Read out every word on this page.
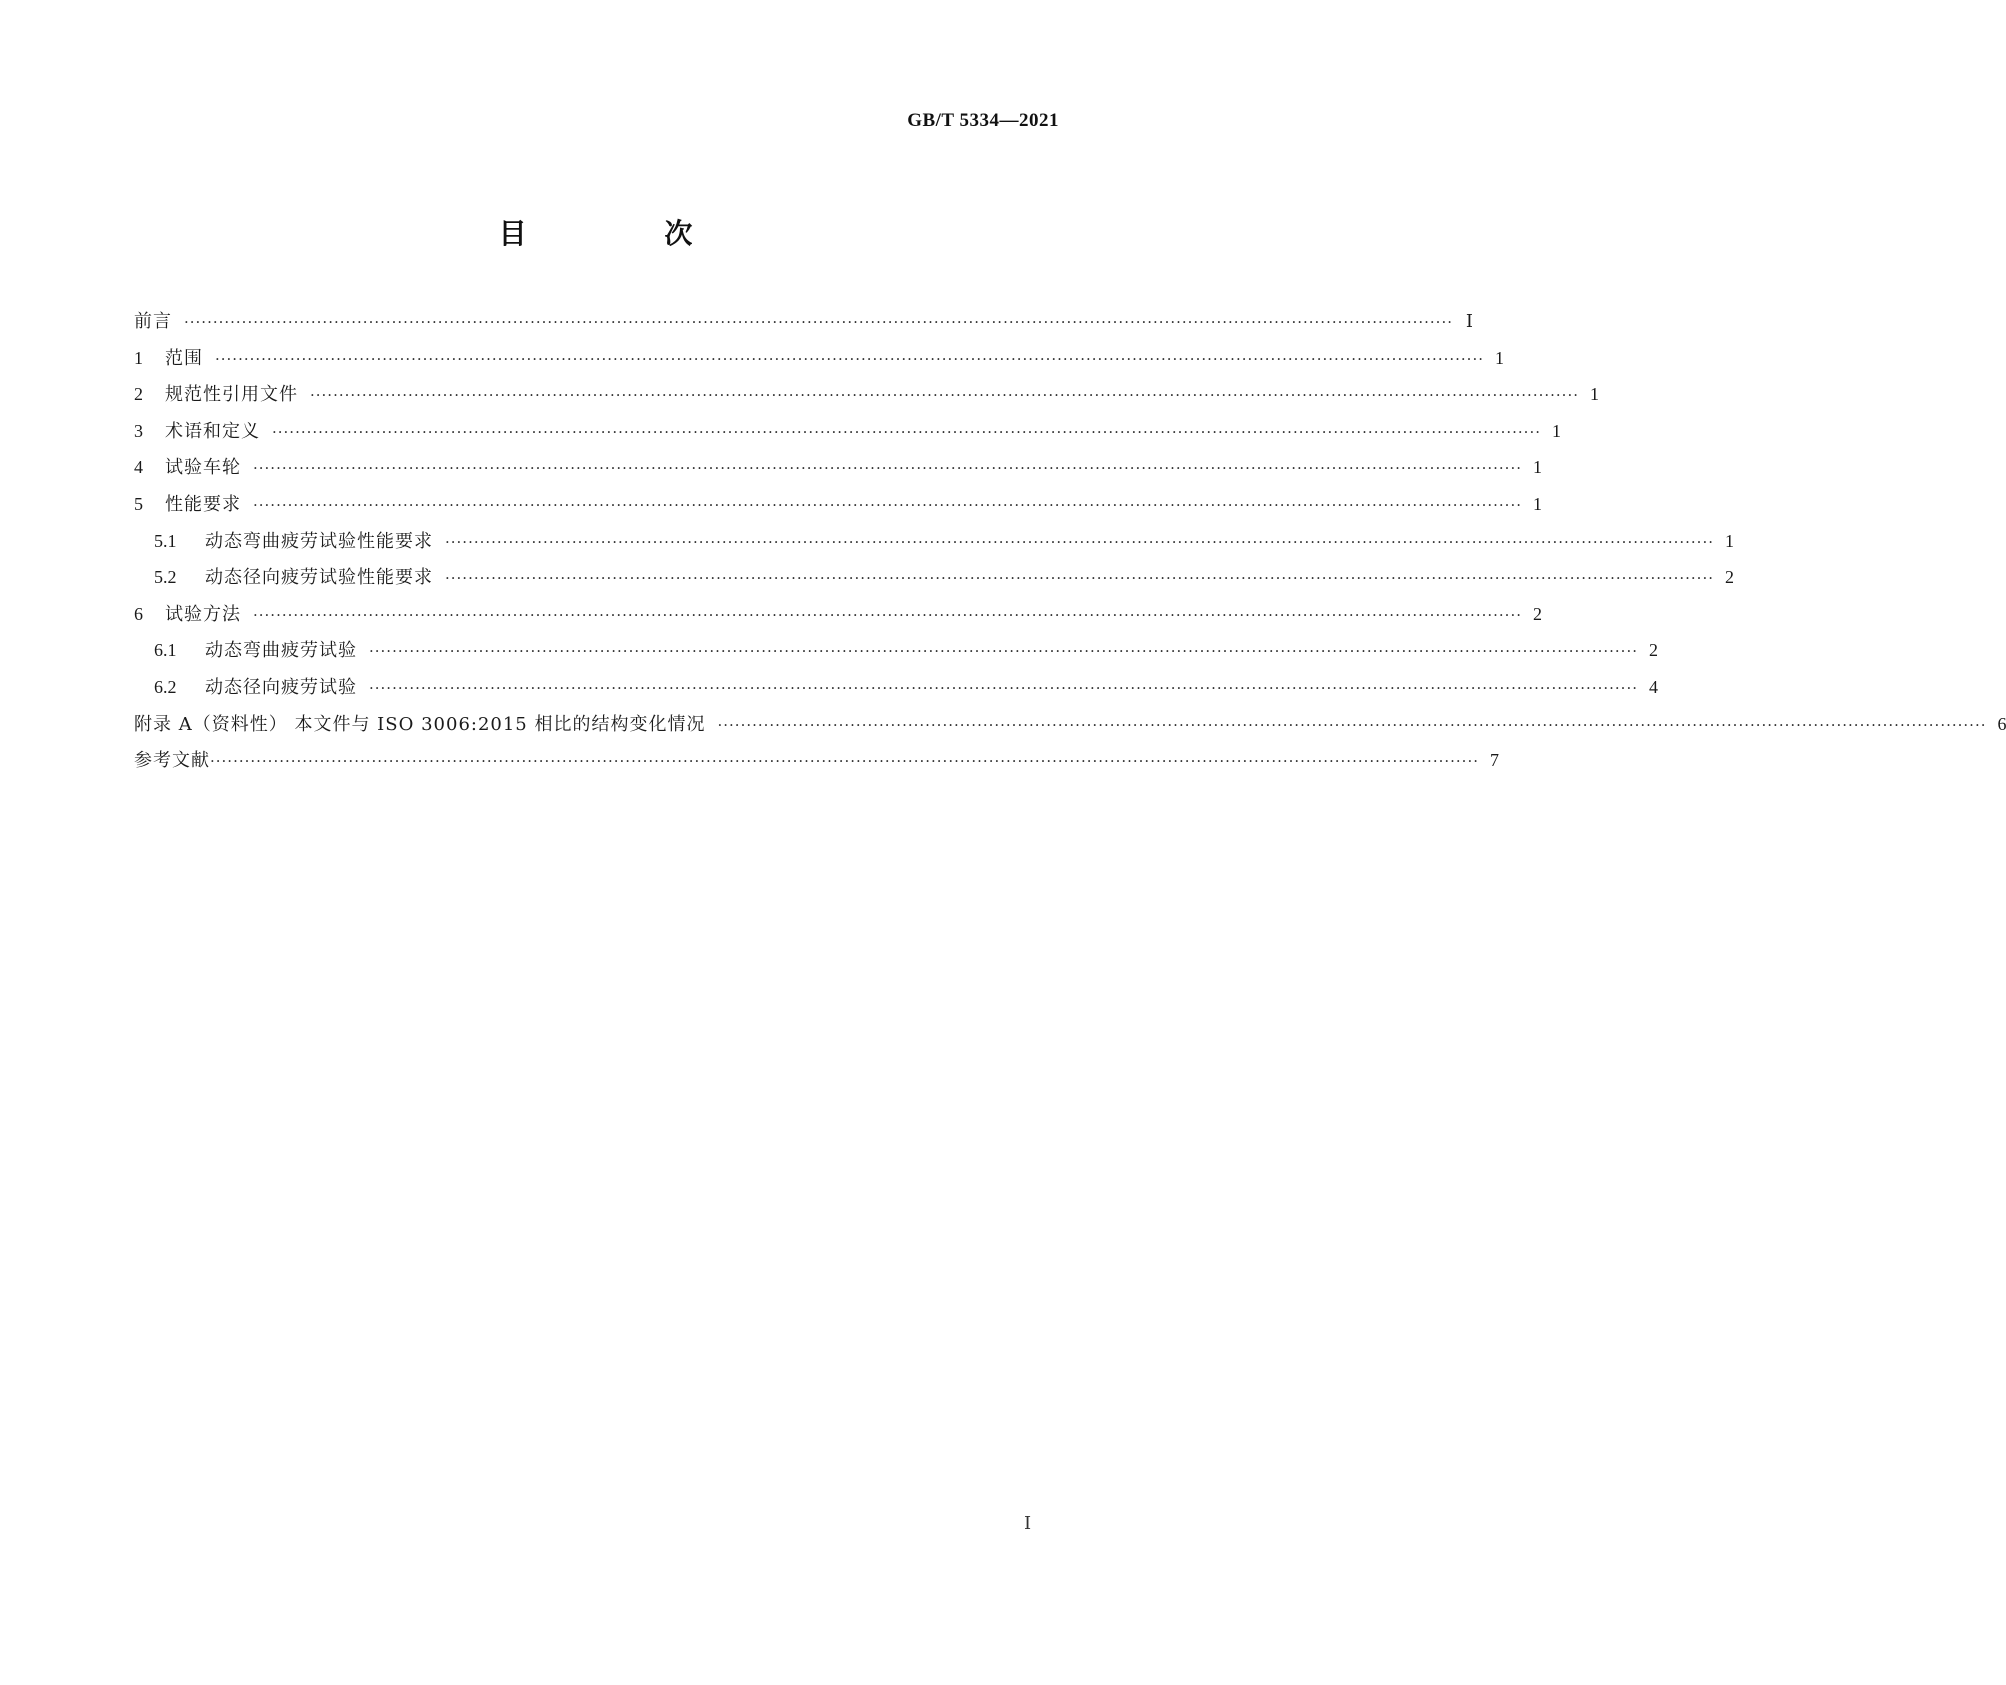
GB/T 5334—2021
目 次
前言 ···························································································································································································································· Ⅰ
1	范围 ···························································································································································································································· 1
2	规范性引用文件 ···························································································································································································································· 1
3	术语和定义 ···························································································································································································································· 1
4	试验车轮 ···························································································································································································································· 1
5	性能要求 ···························································································································································································································· 1
5.1	动态弯曲疲劳试验性能要求 ···························································································································································································································· 1
5.2	动态径向疲劳试验性能要求 ···························································································································································································································· 2
6	试验方法 ···························································································································································································································· 2
6.1	动态弯曲疲劳试验 ···························································································································································································································· 2
6.2	动态径向疲劳试验 ···························································································································································································································· 4
附录 A（资料性） 本文件与 ISO 3006:2015 相比的结构变化情况 ···························································································································································································································· 6
参考文献 ···························································································································································································································· 7
Ⅰ
